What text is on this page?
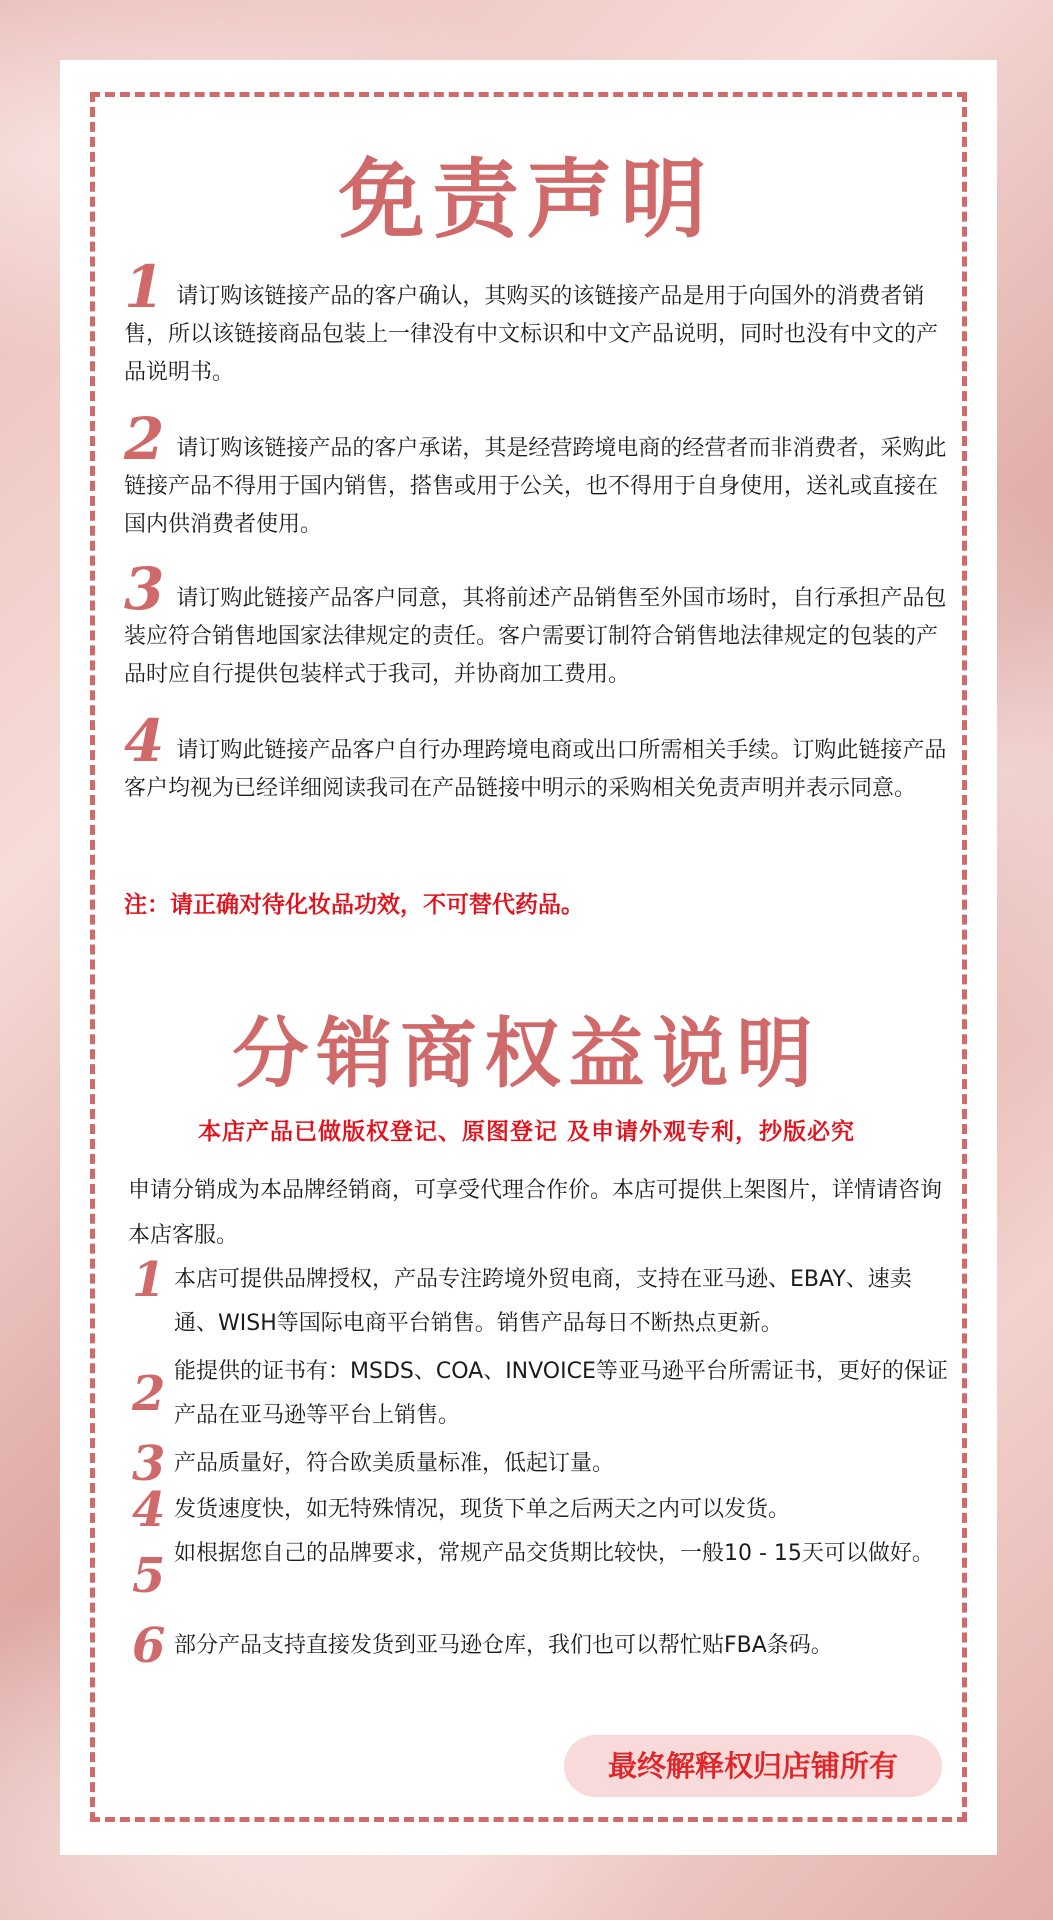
免责声明
1 请订购该链接产品的客户确认，其购买的该链接产品是用于向国外的消费者销售，所以该链接商品包装上一律没有中文标识和中文产品说明，同时也没有中文的产品说明书。
2 请订购该链接产品的客户承诺，其是经营跨境电商的经营者而非消费者，采购此链接产品不得用于国内销售，搭售或用于公关，也不得用于自身使用，送礼或直接在国内供消费者使用。
3 请订购此链接产品客户同意，其将前述产品销售至外国市场时，自行承担产品包装应符合销售地国家法律规定的责任。客户需要订制符合销售地法律规定的包装的产品时应自行提供包装样式于我司，并协商加工费用。
4 请订购此链接产品客户自行办理跨境电商或出口所需相关手续。订购此链接产品客户均视为已经详细阅读我司在产品链接中明示的采购相关免责声明并表示同意。
注：请正确对待化妆品功效，不可替代药品。
分销商权益说明
本店产品已做版权登记、原图登记 及申请外观专利，抄版必究
申请分销成为本品牌经销商，可享受代理合作价。本店可提供上架图片，详情请咨询本店客服。
1 本店可提供品牌授权，产品专注跨境外贸电商，支持在亚马逊、EBAY、速卖通、WISH等国际电商平台销售。销售产品每日不断热点更新。
2 能提供的证书有：MSDS、COA、INVOICE等亚马逊平台所需证书，更好的保证产品在亚马逊等平台上销售。
3 产品质量好，符合欧美质量标准，低起订量。
4 发货速度快，如无特殊情况，现货下单之后两天之内可以发货。
5 如根据您自己的品牌要求，常规产品交货期比较快，一般10 - 15天可以做好。
6 部分产品支持直接发货到亚马逊仓库，我们也可以帮忙贴FBA条码。
最终解释权归店铺所有
